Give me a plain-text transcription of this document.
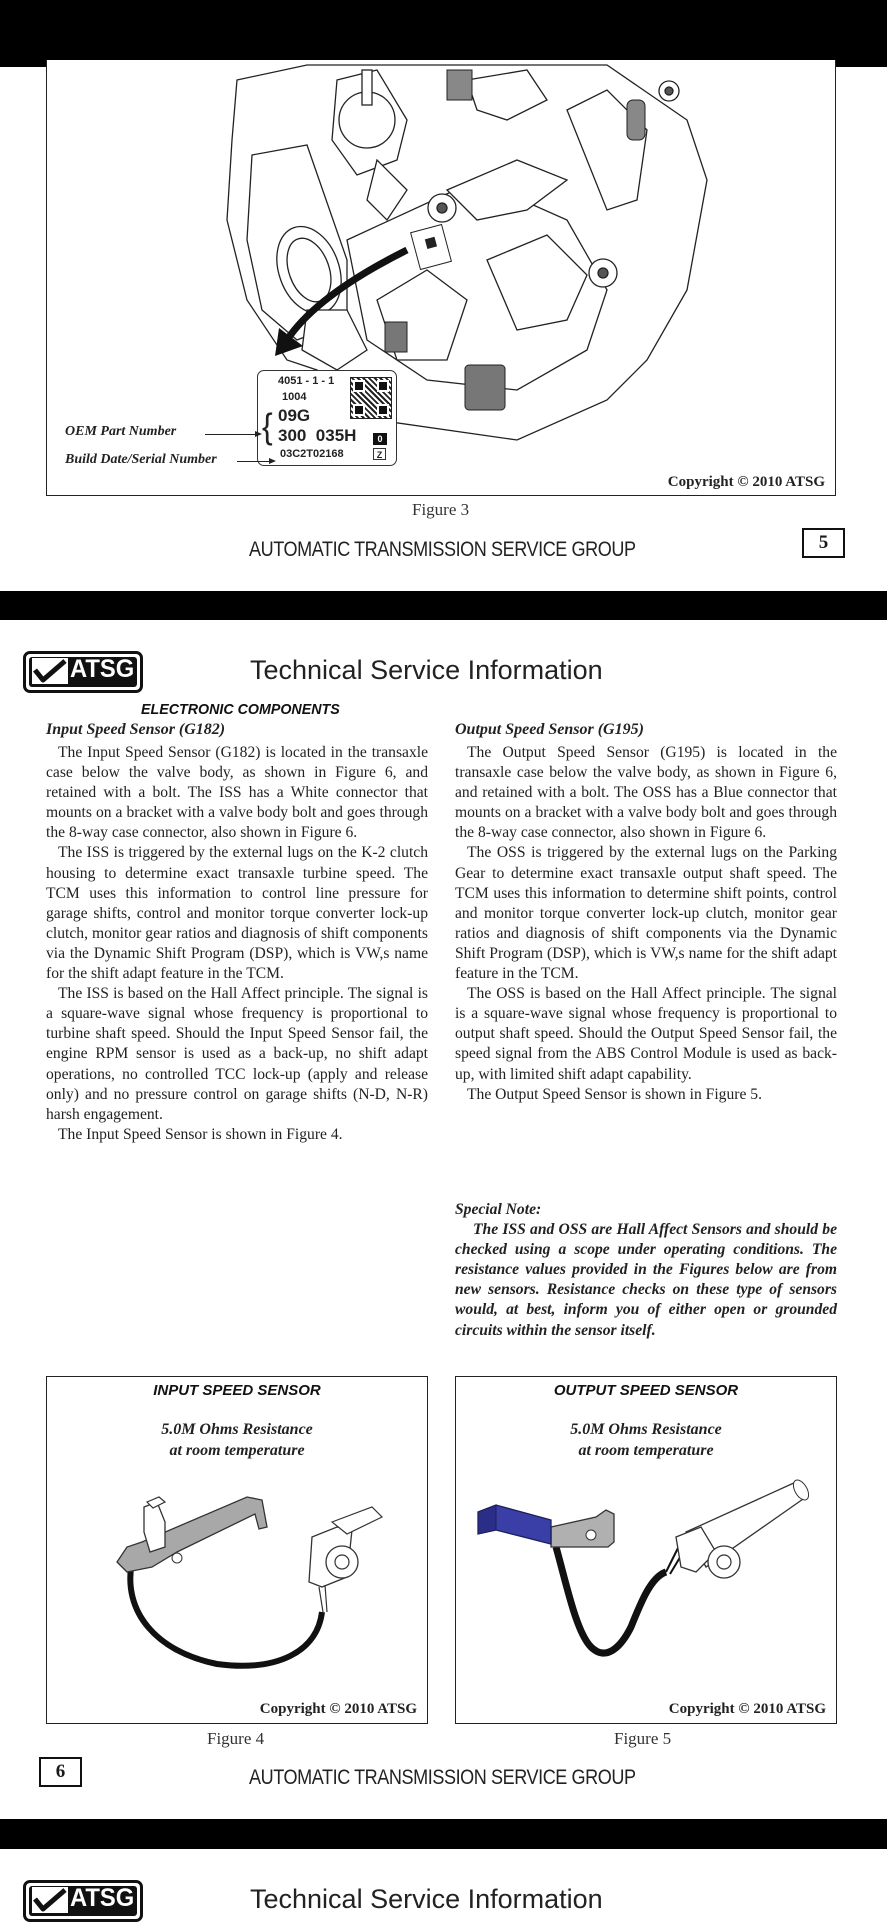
4051 - 1 - 1
1004
09G
300  035H
03C2T02168
0
Z
{
OEM Part Number
Build Date/Serial Number
Copyright © 2010 ATSG
Figure 3
AUTOMATIC TRANSMISSION SERVICE GROUP	5
ATSG	Technical Service Information
ELECTRONIC COMPONENTS
Input Speed Sensor (G182)	Output Speed Sensor (G195)

The Input Speed Sensor (G182) is located in the transaxle case below the valve body, as shown in Figure 6, and retained with a bolt. The ISS has a White connector that mounts on a bracket with a valve body bolt and goes through the 8-way case connector, also shown in Figure 6.

The ISS is triggered by the external lugs on the K-2 clutch housing to determine exact transaxle turbine speed. The TCM uses this information to control line pressure for garage shifts, control and monitor torque converter lock-up clutch, monitor gear ratios and diagnosis of shift components via the Dynamic Shift Program (DSP), which is VW,s name for the shift adapt feature in the TCM.

The ISS is based on the Hall Affect principle. The signal is a square-wave signal whose frequency is proportional to turbine shaft speed. Should the Input Speed Sensor fail, the engine RPM sensor is used as a back-up, no shift adapt operations, no controlled TCC lock-up (apply and release only) and no pressure control on garage shifts (N-D, N-R) harsh engagement.

The Input Speed Sensor is shown in Figure 4.

The Output Speed Sensor (G195) is located in the transaxle case below the valve body, as shown in Figure 6, and retained with a bolt. The OSS has a Blue connector that mounts on a bracket with a valve body bolt and goes through the 8-way case connector, also shown in Figure 6.

The OSS is triggered by the external lugs on the Parking Gear to determine exact transaxle output shaft speed. The TCM uses this information to determine shift points, control and monitor torque converter lock-up clutch, monitor gear ratios and diagnosis of shift components via the Dynamic Shift Program (DSP), which is VW,s name for the shift adapt feature in the TCM.

The OSS is based on the Hall Affect principle. The signal is a square-wave signal whose frequency is proportional to output shaft speed. Should the Output Speed Sensor fail, the speed signal from the ABS Control Module is used as back-up, with limited shift adapt capability.

The Output Speed Sensor is shown in Figure 5.

Special Note:

The ISS and OSS are Hall Affect Sensors and should be checked using a scope under operating conditions. The resistance values provided in the Figures below are from new sensors. Resistance checks on these type of sensors would, at best, inform you of either open or grounded circuits within the sensor itself.

INPUT SPEED SENSOR
5.0M Ohms Resistance
at room temperature
Copyright © 2010 ATSG
Figure 4
OUTPUT SPEED SENSOR
5.0M Ohms Resistance
at room temperature
Copyright © 2010 ATSG
Figure 5
6	AUTOMATIC TRANSMISSION SERVICE GROUP
ATSG	Technical Service Information
